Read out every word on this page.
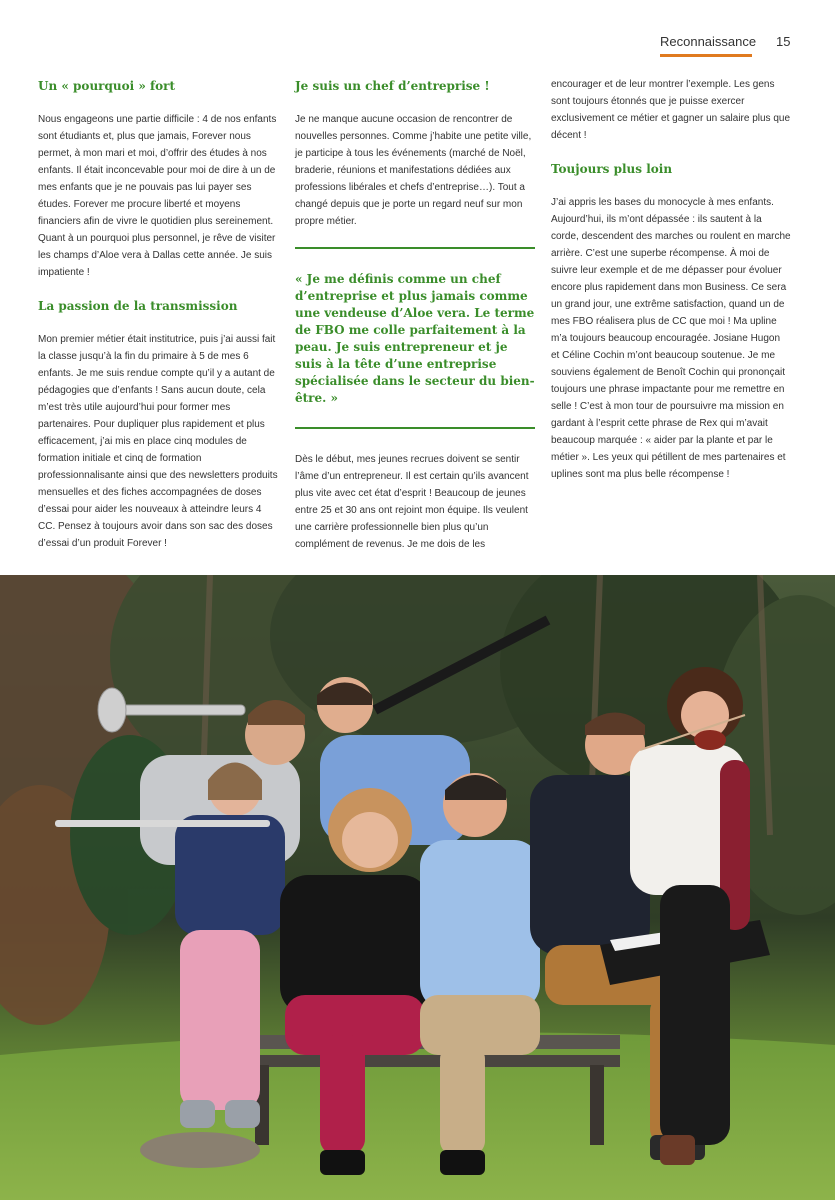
Reconnaissance 15
Un « pourquoi » fort

Nous engageons une partie difficile : 4 de nos enfants sont étudiants et, plus que jamais, Forever nous permet, à mon mari et moi, d’offrir des études à nos enfants. Il était inconcevable pour moi de dire à un de mes enfants que je ne pouvais pas lui payer ses études. Forever me procure liberté et moyens financiers afin de vivre le quotidien plus sereinement. Quant à un pourquoi plus personnel, je rêve de visiter les champs d’Aloe vera à Dallas cette année. Je suis impatiente !

La passion de la transmission

Mon premier métier était institutrice, puis j’ai aussi fait la classe jusqu’à la fin du primaire à 5 de mes 6 enfants. Je me suis rendue compte qu’il y a autant de pédagogies que d’enfants ! Sans aucun doute, cela m’est très utile aujourd’hui pour former mes partenaires. Pour dupliquer plus rapidement et plus efficacement, j’ai mis en place cinq modules de formation initiale et cinq de formation professionnalisante ainsi que des newsletters produits mensuelles et des fiches accompagnées de doses d’essai pour aider les nouveaux à atteindre leurs 4 CC. Pensez à toujours avoir dans son sac des doses d’essai d’un produit Forever !

Je suis un chef d’entreprise !

Je ne manque aucune occasion de rencontrer de nouvelles personnes. Comme j’habite une petite ville, je participe à tous les événements (marché de Noël, braderie, réunions et manifestations dédiées aux professions libérales et chefs d’entreprise…). Tout a changé depuis que je porte un regard neuf sur mon propre métier.

« Je me définis comme un chef d’entreprise et plus jamais comme une vendeuse d’Aloe vera. Le terme de FBO me colle parfaitement à la peau. Je suis entrepreneur et je suis à la tête d’une entreprise spécialisée dans le secteur du bien-être. »

Dès le début, mes jeunes recrues doivent se sentir l’âme d’un entrepreneur. Il est certain qu’ils avancent plus vite avec cet état d’esprit ! Beaucoup de jeunes entre 25 et 30 ans ont rejoint mon équipe. Ils veulent une carrière professionnelle bien plus qu’un complément de revenus. Je me dois de les

encourager et de leur montrer l’exemple. Les gens sont toujours étonnés que je puisse exercer exclusivement ce métier et gagner un salaire plus que décent !

Toujours plus loin

J’ai appris les bases du monocycle à mes enfants. Aujourd’hui, ils m’ont dépassée : ils sautent à la corde, descendent des marches ou roulent en marche arrière. C’est une superbe récompense. À moi de suivre leur exemple et de me dépasser pour évoluer encore plus rapidement dans mon Business. Ce sera un grand jour, une extrême satisfaction, quand un de mes FBO réalisera plus de CC que moi ! Ma upline m’a toujours beaucoup encouragée. Josiane Hugon et Céline Cochin m’ont beaucoup soutenue. Je me souviens également de Benoît Cochin qui prononçait toujours une phrase impactante pour me remettre en selle ! C’est à mon tour de poursuivre ma mission en gardant à l’esprit cette phrase de Rex qui m’avait beaucoup marquée : « aider par la plante et par le métier ». Les yeux qui pétillent de mes partenaires et uplines sont ma plus belle récompense !
